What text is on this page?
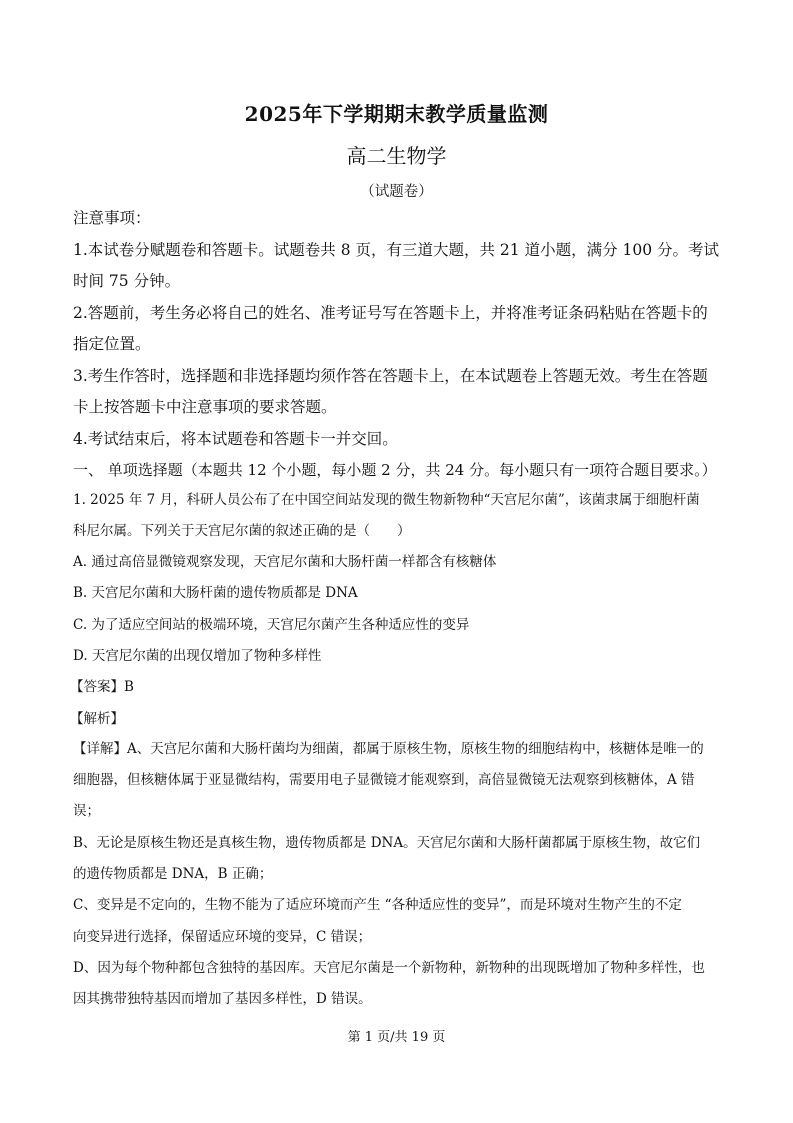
2025年下学期期末教学质量监测
高二生物学
（试题卷）
注意事项：
1.本试卷分赋题卷和答题卡。试题卷共 8 页，有三道大题，共 21 道小题，满分 100 分。考试
时间 75 分钟。
2.答题前，考生务必将自己的姓名、准考证号写在答题卡上，并将准考证条码粘贴在答题卡的
指定位置。
3.考生作答时，选择题和非选择题均须作答在答题卡上，在本试题卷上答题无效。考生在答题
卡上按答题卡中注意事项的要求答题。
4.考试结束后，将本试题卷和答题卡一并交回。
一、 单项选择题（本题共 12 个小题，每小题 2 分，共 24 分。每小题只有一项符合题目要求。）
1. 2025 年 7 月，科研人员公布了在中国空间站发现的微生物新物种“天宫尼尔菌”，该菌隶属于细胞杆菌
科尼尔属。下列关于天宫尼尔菌的叙述正确的是（　　）
A. 通过高倍显微镜观察发现，天宫尼尔菌和大肠杆菌一样都含有核糖体
B. 天宫尼尔菌和大肠杆菌的遗传物质都是 DNA
C. 为了适应空间站的极端环境，天宫尼尔菌产生各种适应性的变异
D. 天宫尼尔菌的出现仅增加了物种多样性
【答案】B
【解析】
【详解】A、天宫尼尔菌和大肠杆菌均为细菌，都属于原核生物，原核生物的细胞结构中，核糖体是唯一的
细胞器，但核糖体属于亚显微结构，需要用电子显微镜才能观察到，高倍显微镜无法观察到核糖体，A 错
误；
B、无论是原核生物还是真核生物，遗传物质都是 DNA。天宫尼尔菌和大肠杆菌都属于原核生物，故它们
的遗传物质都是 DNA，B 正确；
C、变异是不定向的，生物不能为了适应环境而产生 “各种适应性的变异”，而是环境对生物产生的不定
向变异进行选择，保留适应环境的变异，C 错误；
D、因为每个物种都包含独特的基因库。天宫尼尔菌是一个新物种，新物种的出现既增加了物种多样性，也
因其携带独特基因而增加了基因多样性，D 错误。
第 1 页/共 19 页
